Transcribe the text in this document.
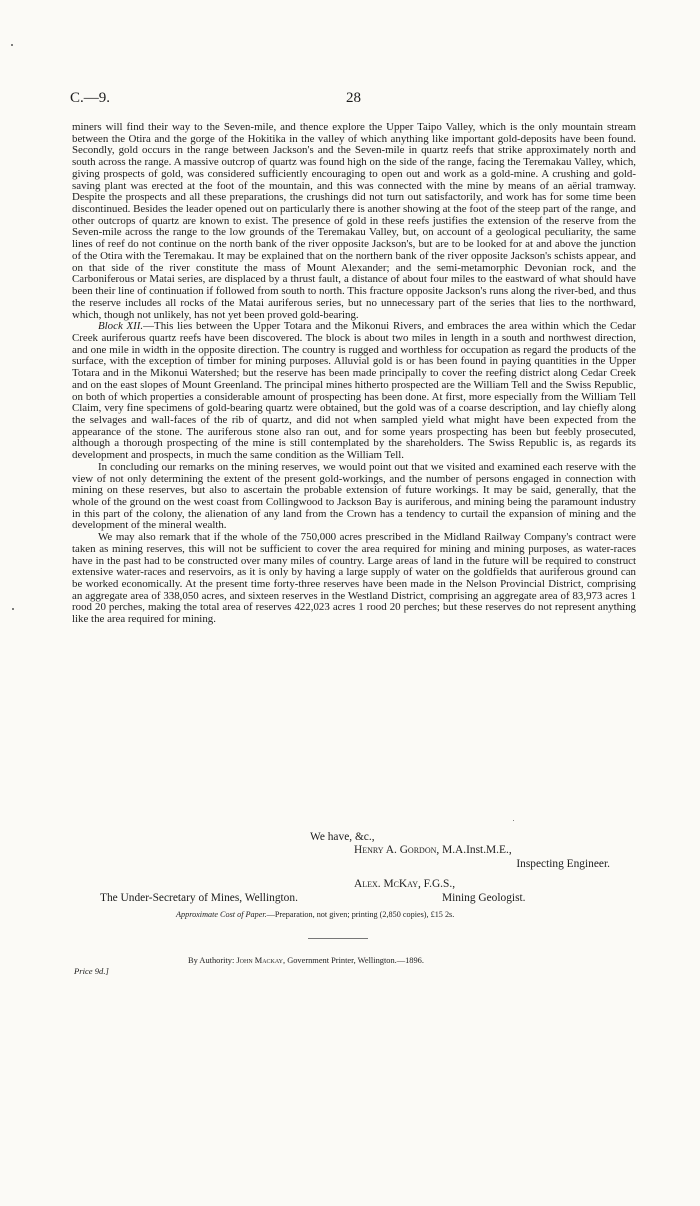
C.—9.	28

miners will find their way to the Seven-mile, and thence explore the Upper Taipo Valley, which is the only mountain stream between the Otira and the gorge of the Hokitika in the valley of which anything like important gold-deposits have been found. Secondly, gold occurs in the range between Jackson's and the Seven-mile in quartz reefs that strike approximately north and south across the range. A massive outcrop of quartz was found high on the side of the range, facing the Teremakau Valley, which, giving prospects of gold, was considered sufficiently encouraging to open out and work as a gold-mine. A crushing and gold-saving plant was erected at the foot of the mountain, and this was connected with the mine by means of an aërial tramway. Despite the prospects and all these preparations, the crushings did not turn out satisfactorily, and work has for some time been discontinued. Besides the leader opened out on particularly there is another showing at the foot of the steep part of the range, and other outcrops of quartz are known to exist. The presence of gold in these reefs justifies the extension of the reserve from the Seven-mile across the range to the low grounds of the Teremakau Valley, but, on account of a geological peculiarity, the same lines of reef do not continue on the north bank of the river opposite Jackson's, but are to be looked for at and above the junction of the Otira with the Teremakau. It may be explained that on the northern bank of the river opposite Jackson's schists appear, and on that side of the river constitute the mass of Mount Alexander; and the semi-metamorphic Devonian rock, and the Carboniferous or Matai series, are displaced by a thrust fault, a distance of about four miles to the eastward of what should have been their line of continuation if followed from south to north. This fracture opposite Jackson's runs along the river-bed, and thus the reserve includes all rocks of the Matai auriferous series, but no unnecessary part of the series that lies to the northward, which, though not unlikely, has not yet been proved gold-bearing.

Block XII.—This lies between the Upper Totara and the Mikonui Rivers, and embraces the area within which the Cedar Creek auriferous quartz reefs have been discovered. The block is about two miles in length in a south and northwest direction, and one mile in width in the opposite direction. The country is rugged and worthless for occupation as regard the products of the surface, with the exception of timber for mining purposes. Alluvial gold is or has been found in paying quantities in the Upper Totara and in the Mikonui Watershed; but the reserve has been made principally to cover the reefing district along Cedar Creek and on the east slopes of Mount Greenland. The principal mines hitherto prospected are the William Tell and the Swiss Republic, on both of which properties a considerable amount of prospecting has been done. At first, more especially from the William Tell Claim, very fine specimens of gold-bearing quartz were obtained, but the gold was of a coarse description, and lay chiefly along the selvages and wall-faces of the rib of quartz, and did not when sampled yield what might have been expected from the appearance of the stone. The auriferous stone also ran out, and for some years prospecting has been but feebly prosecuted, although a thorough prospecting of the mine is still contemplated by the shareholders. The Swiss Republic is, as regards its development and prospects, in much the same condition as the William Tell.

In concluding our remarks on the mining reserves, we would point out that we visited and examined each reserve with the view of not only determining the extent of the present gold-workings, and the number of persons engaged in connection with mining on these reserves, but also to ascertain the probable extension of future workings. It may be said, generally, that the whole of the ground on the west coast from Collingwood to Jackson Bay is auriferous, and mining being the paramount industry in this part of the colony, the alienation of any land from the Crown has a tendency to curtail the expansion of mining and the development of the mineral wealth.

We may also remark that if the whole of the 750,000 acres prescribed in the Midland Railway Company's contract were taken as mining reserves, this will not be sufficient to cover the area required for mining and mining purposes, as water-races have in the past had to be constructed over many miles of country. Large areas of land in the future will be required to construct extensive water-races and reservoirs, as it is only by having a large supply of water on the goldfields that auriferous ground can be worked economically. At the present time forty-three reserves have been made in the Nelson Provincial District, comprising an aggregate area of 338,050 acres, and sixteen reserves in the Westland District, comprising an aggregate area of 83,973 acres 1 rood 20 perches, making the total area of reserves 422,023 acres 1 rood 20 perches; but these reserves do not represent anything like the area required for mining.

We have, &c.,
Henry A. Gordon, M.A.Inst.M.E.,
Inspecting Engineer.
Alex. McKay, F.G.S.,
The Under-Secretary of Mines, Wellington.	Mining Geologist.
Approximate Cost of Paper.—Preparation, not given; printing (2,850 copies), £15 2s.
By Authority: John Mackay, Government Printer, Wellington.—1896.
Price 9d.]
